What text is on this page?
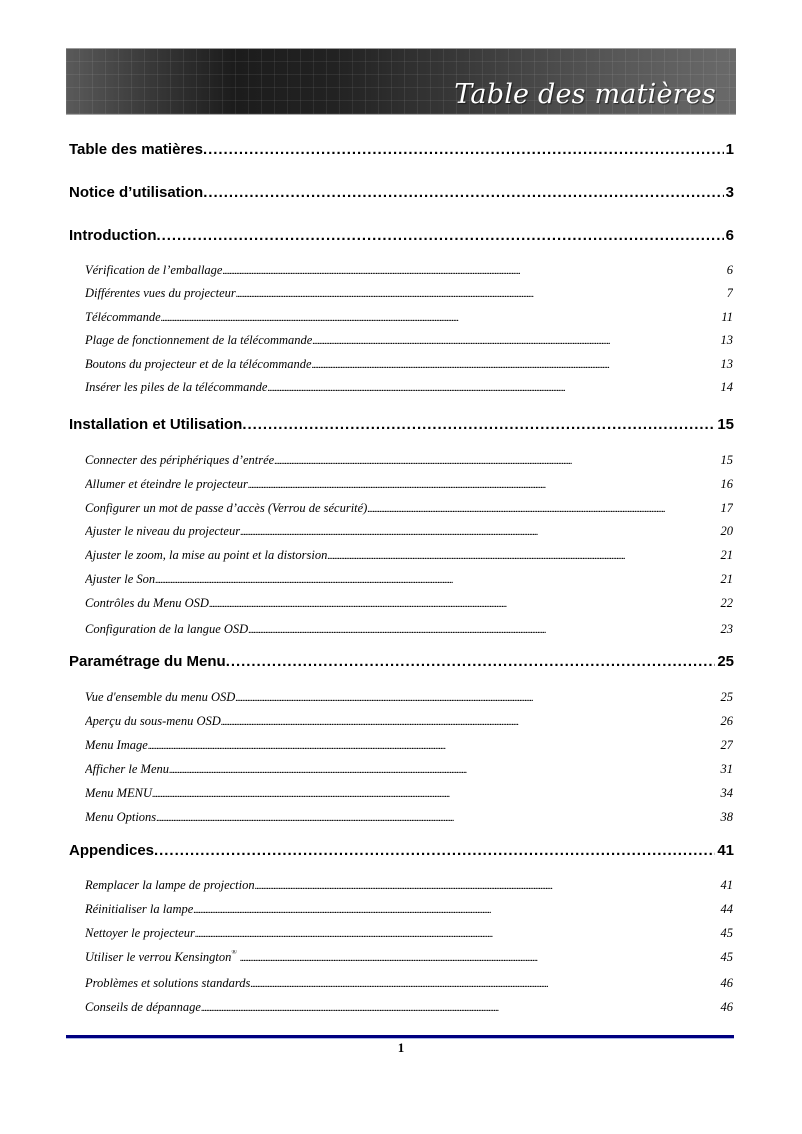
Table des matières
Table des matières . . .	1
Notice d’utilisation . . .	3
Introduction . . .	6
Vérification de l’emballage . . .	6
Différentes vues du projecteur . . .	7
Télécommande . . .	11
Plage de fonctionnement de la télécommande . . .	13
Boutons du projecteur et de la télécommande . . .	13
Insérer les piles de la télécommande . . .	14
Installation et Utilisation . . .	15
Connecter des périphériques d’entrée . . .	15
Allumer et éteindre le projecteur . . .	16
Configurer un mot de passe d’accès (Verrou de sécurité) . . .	17
Ajuster le niveau du projecteur . . .	20
Ajuster le zoom, la mise au point et la distorsion . . .	21
Ajuster le Son . . .	21
Contrôles du Menu OSD . . .	22
Configuration de la langue OSD . . .	23
Paramétrage du Menu . . .	25
Vue d'ensemble du menu OSD . . .	25
Aperçu du sous-menu OSD . . .	26
Menu Image . . .	27
Afficher le Menu . . .	31
Menu MENU . . .	34
Menu Options . . .	38
Appendices . . .	41
Remplacer la lampe de projection . . .	41
Réinitialiser la lampe . . .	44
Nettoyer le projecteur . . .	45
Utiliser le verrou Kensington® . . .	45
Problèmes et solutions standards . . .	46
Conseils de dépannage . . .	46
1
